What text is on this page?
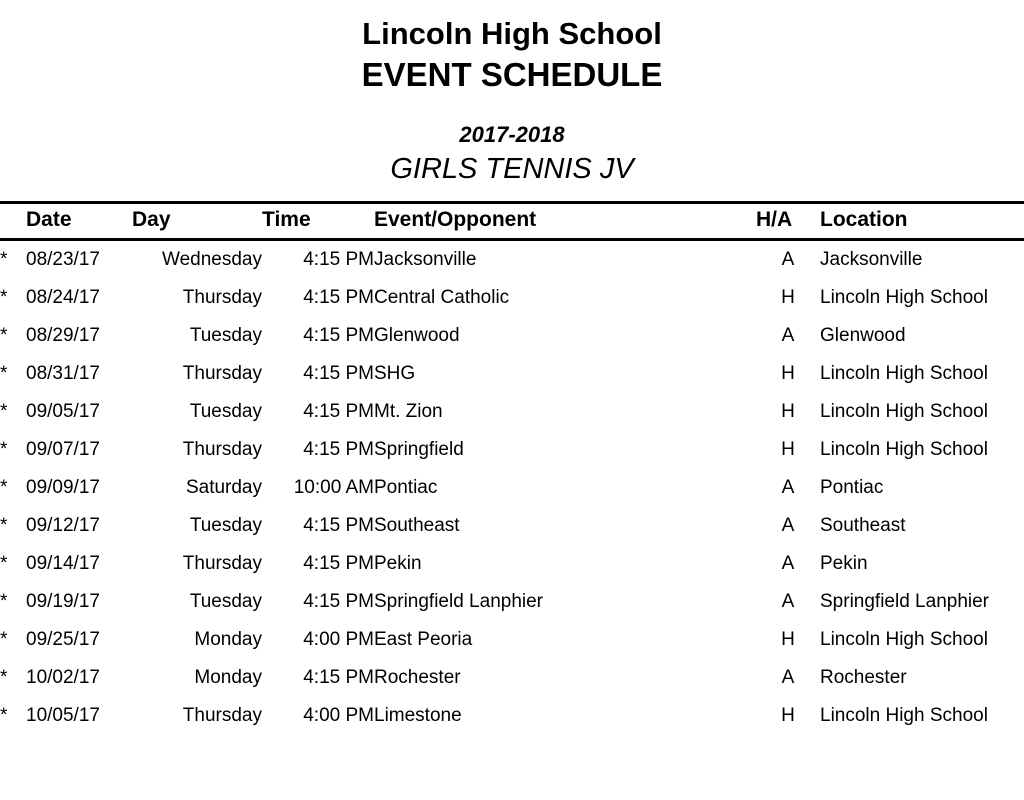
Lincoln High School
EVENT SCHEDULE
2017-2018
GIRLS TENNIS JV
	Date	Day	Time	Event/Opponent	H/A	Location
*	08/23/17	Wednesday	4:15 PM	Jacksonville	A	Jacksonville
*	08/24/17	Thursday	4:15 PM	Central Catholic	H	Lincoln High School
*	08/29/17	Tuesday	4:15 PM	Glenwood	A	Glenwood
*	08/31/17	Thursday	4:15 PM	SHG	H	Lincoln High School
*	09/05/17	Tuesday	4:15 PM	Mt. Zion	H	Lincoln High School
*	09/07/17	Thursday	4:15 PM	Springfield	H	Lincoln High School
*	09/09/17	Saturday	10:00 AM	Pontiac	A	Pontiac
*	09/12/17	Tuesday	4:15 PM	Southeast	A	Southeast
*	09/14/17	Thursday	4:15 PM	Pekin	A	Pekin
*	09/19/17	Tuesday	4:15 PM	Springfield Lanphier	A	Springfield Lanphier
*	09/25/17	Monday	4:00 PM	East Peoria	H	Lincoln High School
*	10/02/17	Monday	4:15 PM	Rochester	A	Rochester
*	10/05/17	Thursday	4:00 PM	Limestone	H	Lincoln High School
